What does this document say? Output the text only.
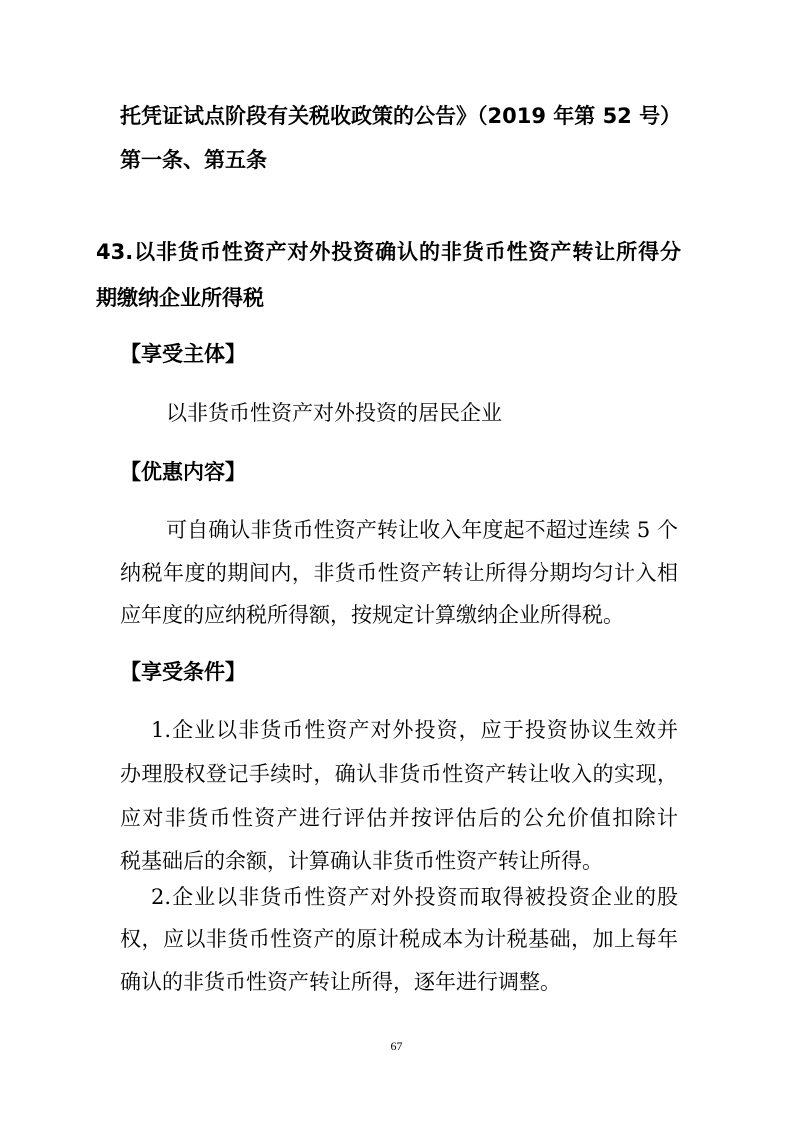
托凭证试点阶段有关税收政策的公告》（2019 年第 52 号）
第一条、第五条
43.以非货币性资产对外投资确认的非货币性资产转让所得分
期缴纳企业所得税
【享受主体】
以非货币性资产对外投资的居民企业
【优惠内容】
可自确认非货币性资产转让收入年度起不超过连续 5 个
纳税年度的期间内，非货币性资产转让所得分期均匀计入相
应年度的应纳税所得额，按规定计算缴纳企业所得税。
【享受条件】
1.企业以非货币性资产对外投资，应于投资协议生效并
办理股权登记手续时，确认非货币性资产转让收入的实现，
应对非货币性资产进行评估并按评估后的公允价值扣除计
税基础后的余额，计算确认非货币性资产转让所得。
2.企业以非货币性资产对外投资而取得被投资企业的股
权，应以非货币性资产的原计税成本为计税基础，加上每年
确认的非货币性资产转让所得，逐年进行调整。
67
